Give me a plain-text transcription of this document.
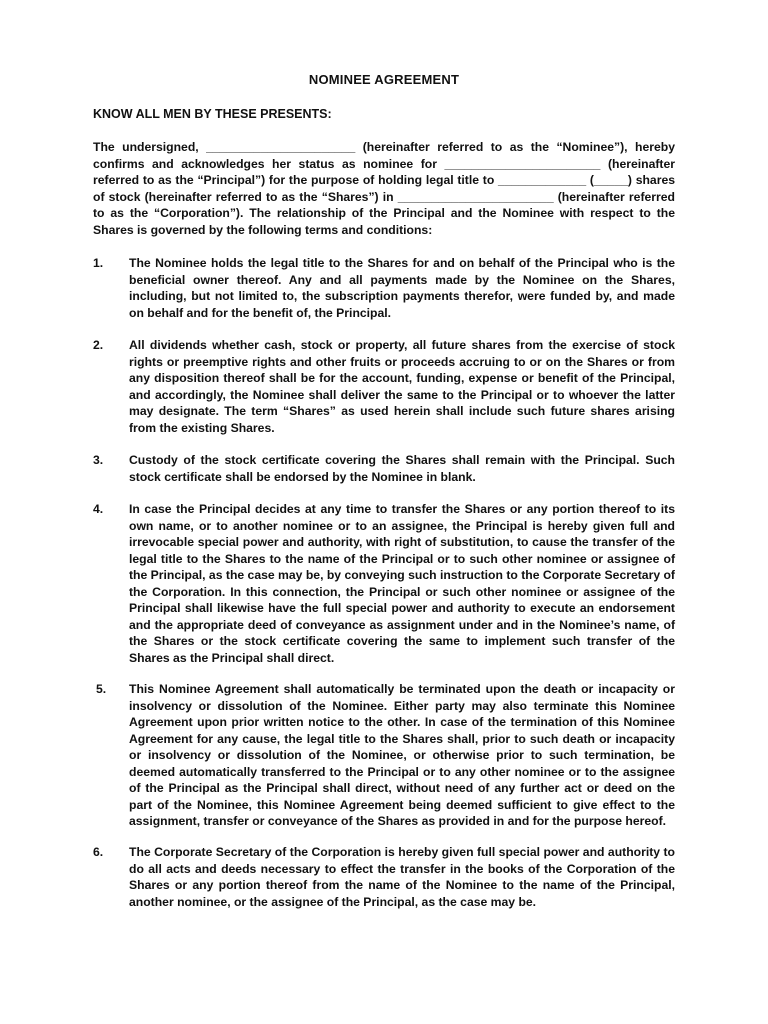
NOMINEE AGREEMENT
KNOW ALL MEN BY THESE PRESENTS:
The undersigned, ______________________ (hereinafter referred to as the “Nominee”), hereby confirms and acknowledges her status as nominee for _______________________ (hereinafter referred to as the “Principal”) for the purpose of holding legal title to _____________ (_____) shares of stock (hereinafter referred to as the “Shares”) in _______________________ (hereinafter referred to as the “Corporation”). The relationship of the Principal and the Nominee with respect to the Shares is governed by the following terms and conditions:
1. The Nominee holds the legal title to the Shares for and on behalf of the Principal who is the beneficial owner thereof. Any and all payments made by the Nominee on the Shares, including, but not limited to, the subscription payments therefor, were funded by, and made on behalf and for the benefit of, the Principal.
2. All dividends whether cash, stock or property, all future shares from the exercise of stock rights or preemptive rights and other fruits or proceeds accruing to or on the Shares or from any disposition thereof shall be for the account, funding, expense or benefit of the Principal, and accordingly, the Nominee shall deliver the same to the Principal or to whoever the latter may designate. The term “Shares” as used herein shall include such future shares arising from the existing Shares.
3. Custody of the stock certificate covering the Shares shall remain with the Principal. Such stock certificate shall be endorsed by the Nominee in blank.
4. In case the Principal decides at any time to transfer the Shares or any portion thereof to its own name, or to another nominee or to an assignee, the Principal is hereby given full and irrevocable special power and authority, with right of substitution, to cause the transfer of the legal title to the Shares to the name of the Principal or to such other nominee or assignee of the Principal, as the case may be, by conveying such instruction to the Corporate Secretary of the Corporation. In this connection, the Principal or such other nominee or assignee of the Principal shall likewise have the full special power and authority to execute an endorsement and the appropriate deed of conveyance as assignment under and in the Nominee’s name, of the Shares or the stock certificate covering the same to implement such transfer of the Shares as the Principal shall direct.
5. This Nominee Agreement shall automatically be terminated upon the death or incapacity or insolvency or dissolution of the Nominee. Either party may also terminate this Nominee Agreement upon prior written notice to the other. In case of the termination of this Nominee Agreement for any cause, the legal title to the Shares shall, prior to such death or incapacity or insolvency or dissolution of the Nominee, or otherwise prior to such termination, be deemed automatically transferred to the Principal or to any other nominee or to the assignee of the Principal as the Principal shall direct, without need of any further act or deed on the part of the Nominee, this Nominee Agreement being deemed sufficient to give effect to the assignment, transfer or conveyance of the Shares as provided in and for the purpose hereof.
6. The Corporate Secretary of the Corporation is hereby given full special power and authority to do all acts and deeds necessary to effect the transfer in the books of the Corporation of the Shares or any portion thereof from the name of the Nominee to the name of the Principal, another nominee, or the assignee of the Principal, as the case may be.
